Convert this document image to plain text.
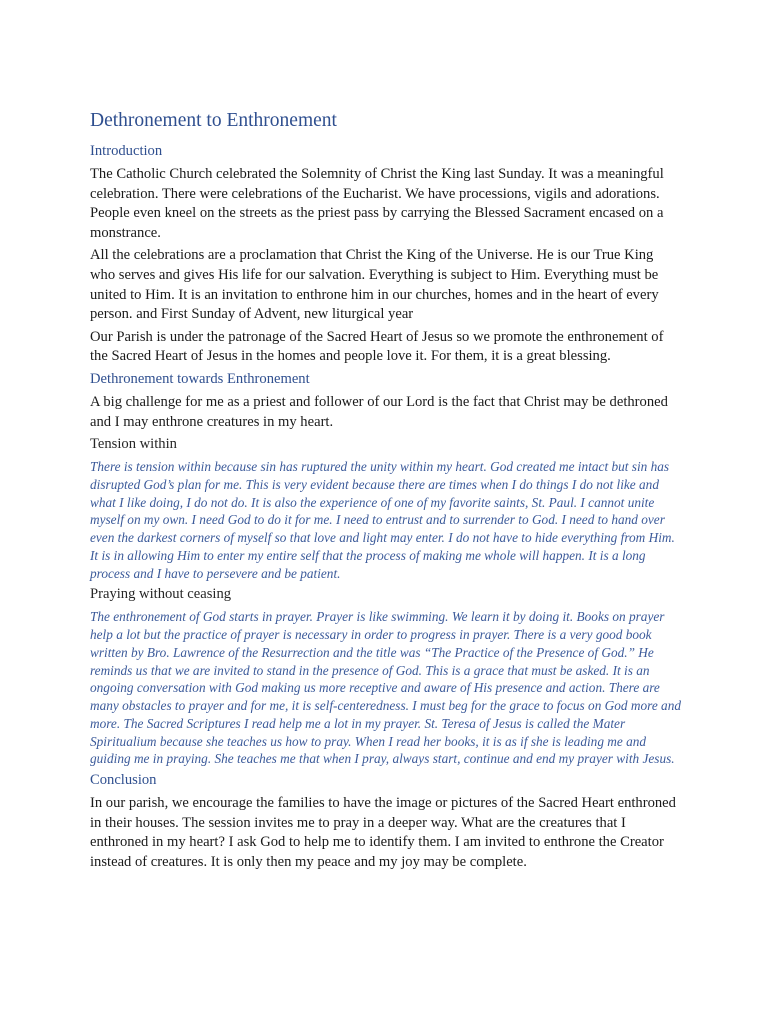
Dethronement to Enthronement
Introduction

The Catholic Church celebrated the Solemnity of Christ the King last Sunday. It was a meaningful celebration. There were celebrations of the Eucharist. We have processions, vigils and adorations. People even kneel on the streets as the priest pass by carrying the Blessed Sacrament encased on a monstrance.

All the celebrations are a proclamation that Christ the King of the Universe. He is our True King who serves and gives His life for our salvation. Everything is subject to Him. Everything must be united to Him. It is an invitation to enthrone him in our churches, homes and in the heart of every person. and First Sunday of Advent, new liturgical year

Our Parish is under the patronage of the Sacred Heart of Jesus so we promote the enthronement of the Sacred Heart of Jesus in the homes and people love it. For them, it is a great blessing.

Dethronement towards Enthronement

A big challenge for me as a priest and follower of our Lord is the fact that Christ may be dethroned and I may enthrone creatures in my heart.

Tension within

There is tension within because sin has ruptured the unity within my heart. God created me intact but sin has disrupted God’s plan for me. This is very evident because there are times when I do things I do not like and what I like doing, I do not do. It is also the experience of one of my favorite saints, St. Paul. I cannot unite myself on my own. I need God to do it for me. I need to entrust and to surrender to God. I need to hand over even the darkest corners of myself so that love and light may enter. I do not have to hide everything from Him. It is in allowing Him to enter my entire self that the process of making me whole will happen. It is a long process and I have to persevere and be patient.

Praying without ceasing

The enthronement of God starts in prayer. Prayer is like swimming. We learn it by doing it. Books on prayer help a lot but the practice of prayer is necessary in order to progress in prayer. There is a very good book written by Bro. Lawrence of the Resurrection and the title was “The Practice of the Presence of God.” He reminds us that we are invited to stand in the presence of God. This is a grace that must be asked. It is an ongoing conversation with God making us more receptive and aware of His presence and action. There are many obstacles to prayer and for me, it is self-centeredness. I must beg for the grace to focus on God more and more. The Sacred Scriptures I read help me a lot in my prayer. St. Teresa of Jesus is called the Mater Spiritualium because she teaches us how to pray. When I read her books, it is as if she is leading me and guiding me in praying. She teaches me that when I pray, always start, continue and end my prayer with Jesus.

Conclusion

In our parish, we encourage the families to have the image or pictures of the Sacred Heart enthroned in their houses. The session invites me to pray in a deeper way. What are the creatures that I enthroned in my heart? I ask God to help me to identify them. I am invited to enthrone the Creator instead of creatures. It is only then my peace and my joy may be complete.
